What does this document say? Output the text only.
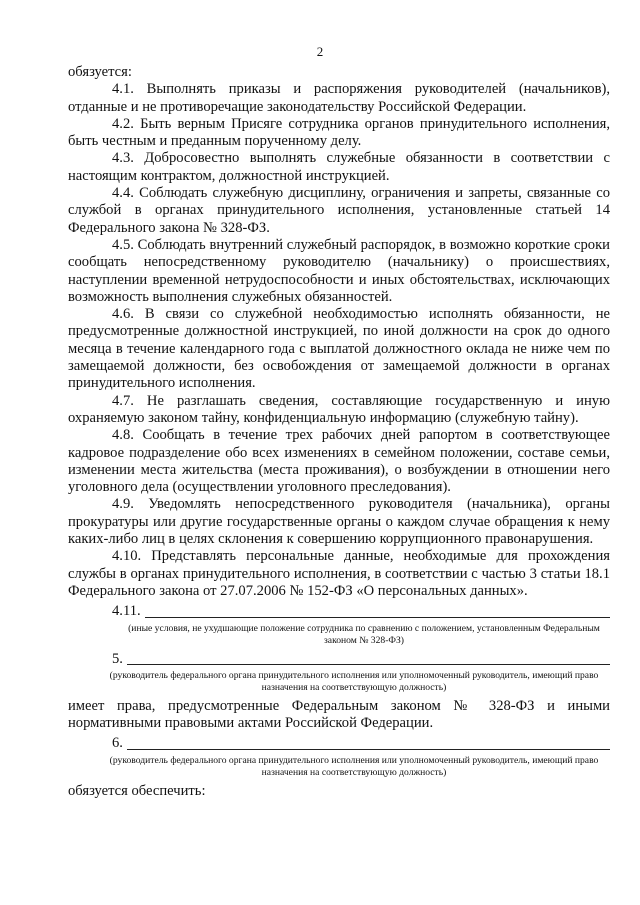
2

обязуется:

4.1. Выполнять приказы и распоряжения руководителей (начальников), отданные и не противоречащие законодательству Российской Федерации.

4.2. Быть верным Присяге сотрудника органов принудительного исполнения, быть честным и преданным порученному делу.

4.3. Добросовестно выполнять служебные обязанности в соответствии с настоящим контрактом, должностной инструкцией.

4.4. Соблюдать служебную дисциплину, ограничения и запреты, связанные со службой в органах принудительного исполнения, установленные статьей 14 Федерального закона № 328-ФЗ.

4.5. Соблюдать внутренний служебный распорядок, в возможно короткие сроки сообщать непосредственному руководителю (начальнику) о происшествиях, наступлении временной нетрудоспособности и иных обстоятельствах, исключающих возможность выполнения служебных обязанностей.

4.6. В связи со служебной необходимостью исполнять обязанности, не предусмотренные должностной инструкцией, по иной должности на срок до одного месяца в течение календарного года с выплатой должностного оклада не ниже чем по замещаемой должности, без освобождения от замещаемой должности в органах принудительного исполнения.

4.7. Не разглашать сведения, составляющие государственную и иную охраняемую законом тайну, конфиденциальную информацию (служебную тайну).

4.8. Сообщать в течение трех рабочих дней рапортом в соответствующее кадровое подразделение обо всех изменениях в семейном положении, составе семьи, изменении места жительства (места проживания), о возбуждении в отношении него уголовного дела (осуществлении уголовного преследования).

4.9. Уведомлять непосредственного руководителя (начальника), органы прокуратуры или другие государственные органы о каждом случае обращения к нему каких-либо лиц в целях склонения к совершению коррупционного правонарушения.

4.10. Представлять персональные данные, необходимые для прохождения службы в органах принудительного исполнения, в соответствии с частью 3 статьи 18.1 Федерального закона от 27.07.2006 № 152-ФЗ «О персональных данных».

4.11.
(иные условия, не ухудшающие положение сотрудника по сравнению с положением, установленным Федеральным законом № 328-ФЗ)
5.
(руководитель федерального органа принудительного исполнения или уполномоченный руководитель, имеющий право назначения на соответствующую должность)

имеет права, предусмотренные Федеральным законом № 328-ФЗ и иными нормативными правовыми актами Российской Федерации.

6.
(руководитель федерального органа принудительного исполнения или уполномоченный руководитель, имеющий право назначения на соответствующую должность)

обязуется обеспечить:
